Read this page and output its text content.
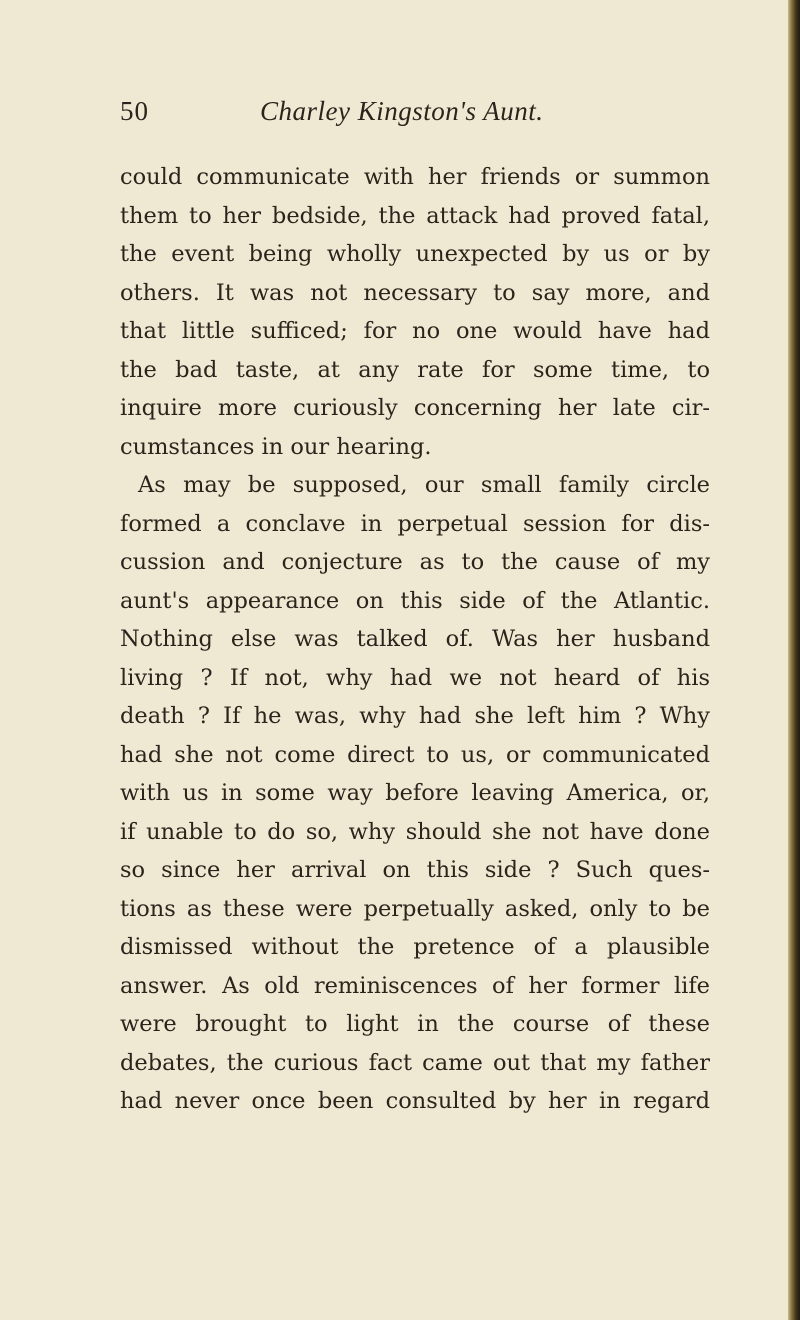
50	Charley Kingston's Aunt.
could communicate with her friends or summon
them to her bedside, the attack had proved fatal,
the event being wholly unexpected by us or by
others. It was not necessary to say more, and
that little sufficed; for no one would have had
the bad taste, at any rate for some time, to
inquire more curiously concerning her late cir-
cumstances in our hearing.
As may be supposed, our small family circle
formed a conclave in perpetual session for dis-
cussion and conjecture as to the cause of my
aunt's appearance on this side of the Atlantic.
Nothing else was talked of. Was her husband
living ? If not, why had we not heard of his
death ? If he was, why had she left him ? Why
had she not come direct to us, or communicated
with us in some way before leaving America, or,
if unable to do so, why should she not have done
so since her arrival on this side ? Such ques-
tions as these were perpetually asked, only to be
dismissed without the pretence of a plausible
answer. As old reminiscences of her former life
were brought to light in the course of these
debates, the curious fact came out that my father
had never once been consulted by her in regard
